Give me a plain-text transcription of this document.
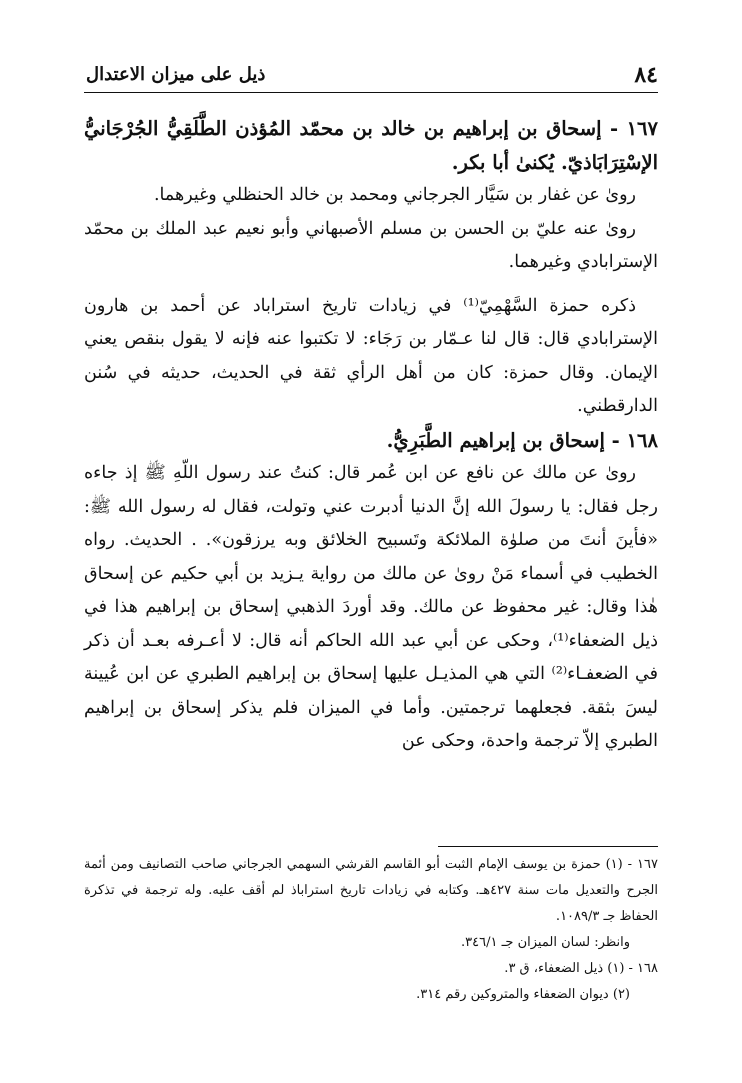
٨٤
ذيل على ميزان الاعتدال

١٦٧ - إسحاق بن إبراهيم بن خالد بن محمّد المُؤذن الطَّلَقِيُّ الجُرْجَانيُّ الإسْتِرَابَاذيّ. يُكنىٰ أبا بكر.

رویٰ عن غفار بن سَيَّار الجرجاني ومحمد بن خالد الحنظلي وغيرهما.

رویٰ عنه عليّ بن الحسن بن مسلم الأصبهاني وأبو نعيم عبد الملك بن محمّد الإسترابادي وغيرهما.

ذكره حمزة السَّهْمِيّ⁽¹⁾ في زيادات تاريخ استراباد عن أحمد بن هارون الإسترابادي قال: قال لنا عـمّار بن رَجَاء: لا تكتبوا عنه فإنه لا يقول بنقص يعني الإيمان. وقال حمزة: كان من أهل الرأي ثقة في الحديث، حديثه في سُنن الدارقطني.

١٦٨ - إسحاق بن إبراهيم الطَّبَرِيُّ.

رویٰ عن مالك عن نافع عن ابن عُمر قال: كنتُ عند رسول اللّهِ ﷺ إذ جاءه رجل فقال: يا رسولَ الله إنَّ الدنيا أدبرت عني وتولت، فقال له رسول الله ﷺ: «فأينَ أنتَ من صلوٰة الملائكة وتَسبيح الخلائق وبه يرزقون». . الحديث. رواه الخطيب في أسماء مَنْ رویٰ عن مالك من رواية يـزيد بن أبي حكيم عن إسحاق هٰذا وقال: غير محفوظ عن مالك. وقد أوردَ الذهبي إسحاق بن إبراهيم هذا في ذيل الضعفاء⁽¹⁾، وحكى عن أبي عبد الله الحاكم أنه قال: لا أعـرفه بعـد أن ذكر في الضعفـاء⁽²⁾ التي هي المذيـل عليها إسحاق بن إبراهيم الطبري عن ابن عُيينة ليسَ بثقة. فجعلهما ترجمتين. وأما في الميزان فلم يذكر إسحاق بن إبراهيم الطبري إلاّ ترجمة واحدة، وحكى عن

١٦٧ - (١) حمزة بن يوسف الإمام الثبت أبو القاسم القرشي السهمي الجرجاني صاحب التصانيف ومن أئمة الجرح والتعديل مات سنة ٤٢٧هـ. وكتابه في زيادات تاريخ استراباذ لم أقف عليه. وله ترجمة في تذكرة الحفاظ جـ ١٠٨٩/٣.

وانظر: لسان الميزان جـ ٣٤٦/١.

١٦٨ - (١) ذيل الضعفاء، ق ٣.

(٢) ديوان الضعفاء والمتروكين رقم ٣١٤.
